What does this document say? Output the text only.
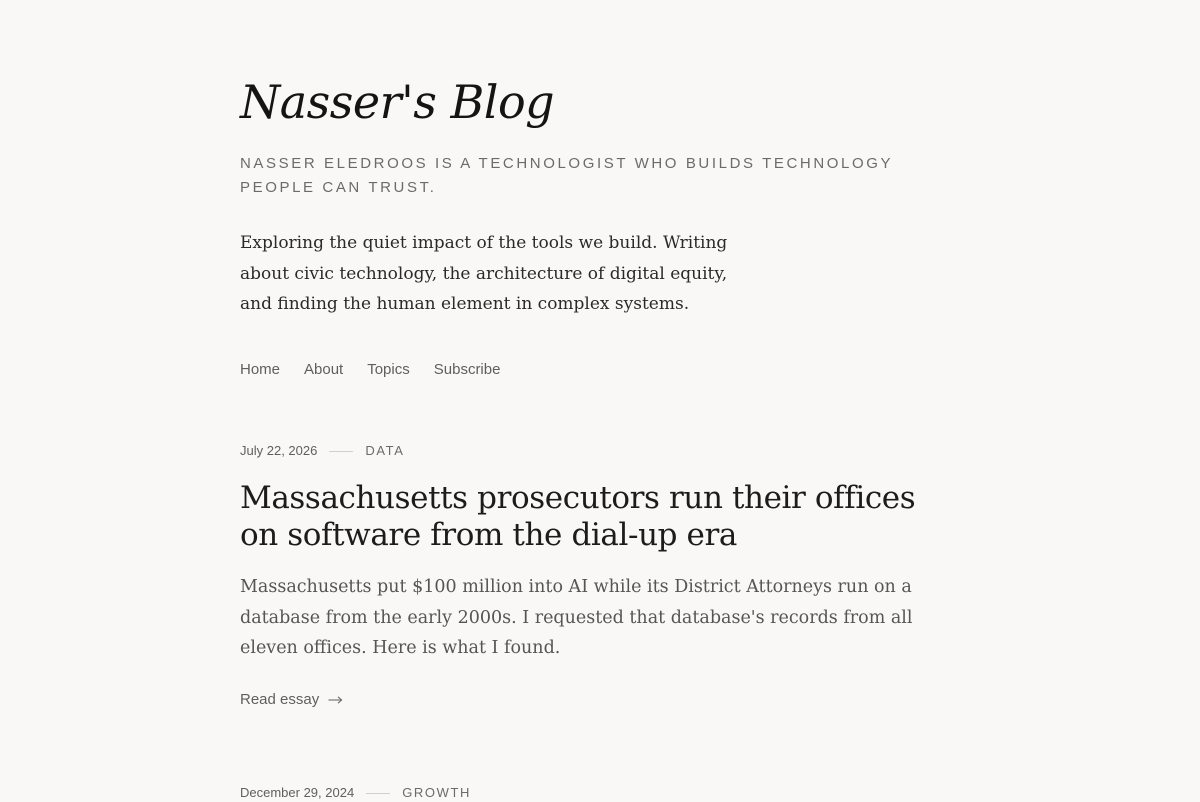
Nasser's Blog

NASSER ELEDROOS IS A TECHNOLOGIST WHO BUILDS TECHNOLOGY PEOPLE CAN TRUST.

Exploring the quiet impact of the tools we build. Writing about civic technology, the architecture of digital equity, and finding the human element in complex systems.

Home About Topics Subscribe
July 22, 2026	DATA
Massachusetts prosecutors run their offices on software from the dial-up era

Massachusetts put $100 million into AI while its District Attorneys run on a database from the early 2000s. I requested that database's records from all eleven offices. Here is what I found.

Read essay
December 29, 2024	GROWTH
